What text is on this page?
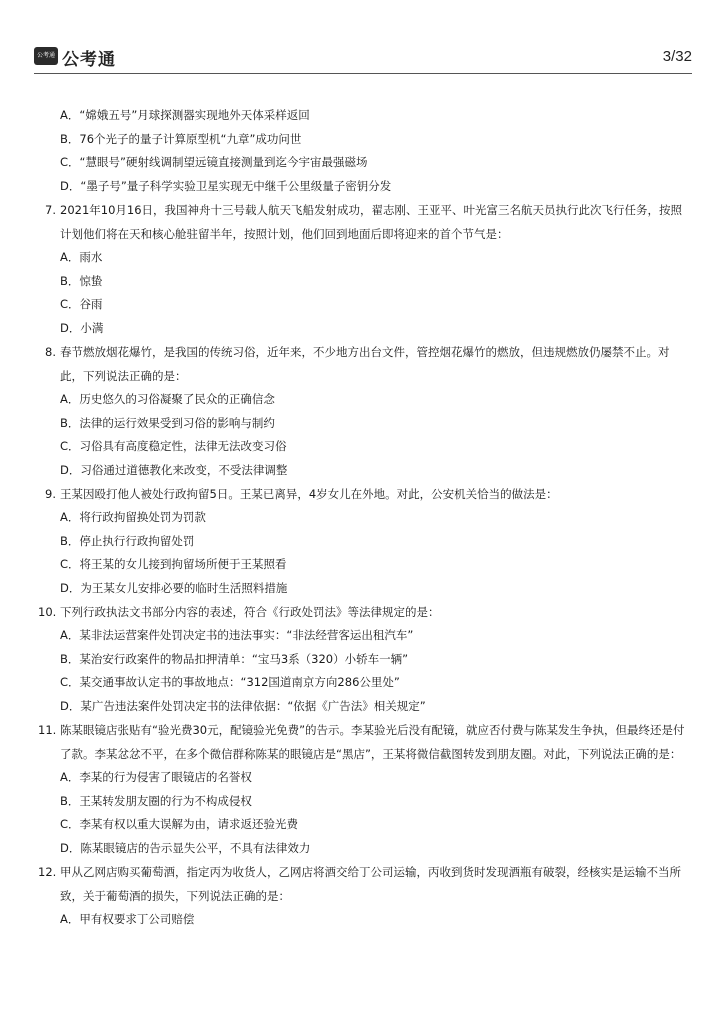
公考通 公考通	3/32

A．“嫦娥五号”月球探测器实现地外天体采样返回

B．76个光子的量子计算原型机“九章”成功问世

C．“慧眼号”硬射线调制望远镜直接测量到迄今宇宙最强磁场

D．“墨子号”量子科学实验卫星实现无中继千公里级量子密钥分发

7. 2021年10月16日，我国神舟十三号载人航天飞船发射成功，翟志刚、王亚平、叶光富三名航天员执行此次飞行任务，按照计划他们将在天和核心舱驻留半年，按照计划，他们回到地面后即将迎来的首个节气是：

A．雨水

B．惊蛰

C．谷雨

D．小满

8. 春节燃放烟花爆竹，是我国的传统习俗，近年来，不少地方出台文件，管控烟花爆竹的燃放，但违规燃放仍屡禁不止。对此，下列说法正确的是：

A．历史悠久的习俗凝聚了民众的正确信念

B．法律的运行效果受到习俗的影响与制约

C．习俗具有高度稳定性，法律无法改变习俗

D．习俗通过道德教化来改变，不受法律调整

9. 王某因殴打他人被处行政拘留5日。王某已离异，4岁女儿在外地。对此，公安机关恰当的做法是：

A．将行政拘留换处罚为罚款

B．停止执行行政拘留处罚

C．将王某的女儿接到拘留场所便于王某照看

D．为王某女儿安排必要的临时生活照料措施

10. 下列行政执法文书部分内容的表述，符合《行政处罚法》等法律规定的是：

A．某非法运营案件处罚决定书的违法事实：“非法经营客运出租汽车”

B．某治安行政案件的物品扣押清单：“宝马3系（320）小轿车一辆”

C．某交通事故认定书的事故地点：“312国道南京方向286公里处”

D．某广告违法案件处罚决定书的法律依据：“依据《广告法》相关规定”

11. 陈某眼镜店张贴有“验光费30元，配镜验光免费”的告示。李某验光后没有配镜，就应否付费与陈某发生争执，但最终还是付了款。李某忿忿不平，在多个微信群称陈某的眼镜店是“黑店”，王某将微信截图转发到朋友圈。对此，下列说法正确的是：

A．李某的行为侵害了眼镜店的名誉权

B．王某转发朋友圈的行为不构成侵权

C．李某有权以重大误解为由，请求返还验光费

D．陈某眼镜店的告示显失公平，不具有法律效力

12. 甲从乙网店购买葡萄酒，指定丙为收货人，乙网店将酒交给丁公司运输，丙收到货时发现酒瓶有破裂，经核实是运输不当所致，关于葡萄酒的损失，下列说法正确的是：

A．甲有权要求丁公司赔偿
